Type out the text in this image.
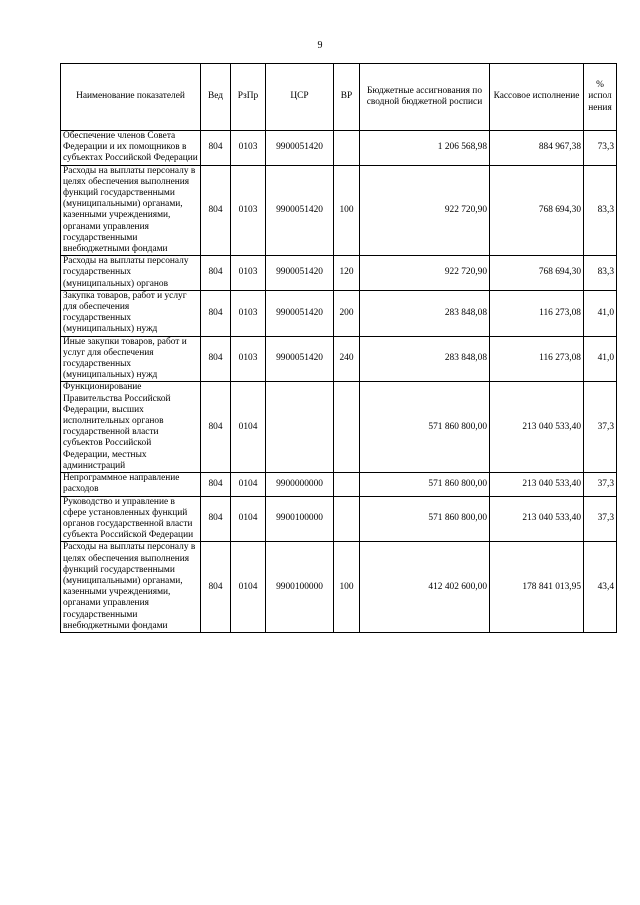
9
Наименование показателей	Вед	РзПр	ЦСР	ВР	Бюджетные ассигнования по сводной бюджетной росписи	Кассовое исполнение	% испол нения
Обеспечение членов Совета Федерации и их помощников в субъектах Российской Федерации	804	0103	9900051420		1 206 568,98	884 967,38	73,3
Расходы на выплаты персоналу в целях обеспечения выполнения функций государственными (муниципальными) органами, казенными учреждениями, органами управления государственными внебюджетными фондами	804	0103	9900051420	100	922 720,90	768 694,30	83,3
Расходы на выплаты персоналу государственных (муниципальных) органов	804	0103	9900051420	120	922 720,90	768 694,30	83,3
Закупка товаров, работ и услуг для обеспечения государственных (муниципальных) нужд	804	0103	9900051420	200	283 848,08	116 273,08	41,0
Иные закупки товаров, работ и услуг для обеспечения государственных (муниципальных) нужд	804	0103	9900051420	240	283 848,08	116 273,08	41,0
Функционирование Правительства Российской Федерации, высших исполнительных органов государственной власти субъектов Российской Федерации, местных администраций	804	0104			571 860 800,00	213 040 533,40	37,3
Непрограммное направление расходов	804	0104	9900000000		571 860 800,00	213 040 533,40	37,3
Руководство и управление в сфере установленных функций органов государственной власти субъекта Российской Федерации	804	0104	9900100000		571 860 800,00	213 040 533,40	37,3
Расходы на выплаты персоналу в целях обеспечения выполнения функций государственными (муниципальными) органами, казенными учреждениями, органами управления государственными внебюджетными фондами	804	0104	9900100000	100	412 402 600,00	178 841 013,95	43,4
